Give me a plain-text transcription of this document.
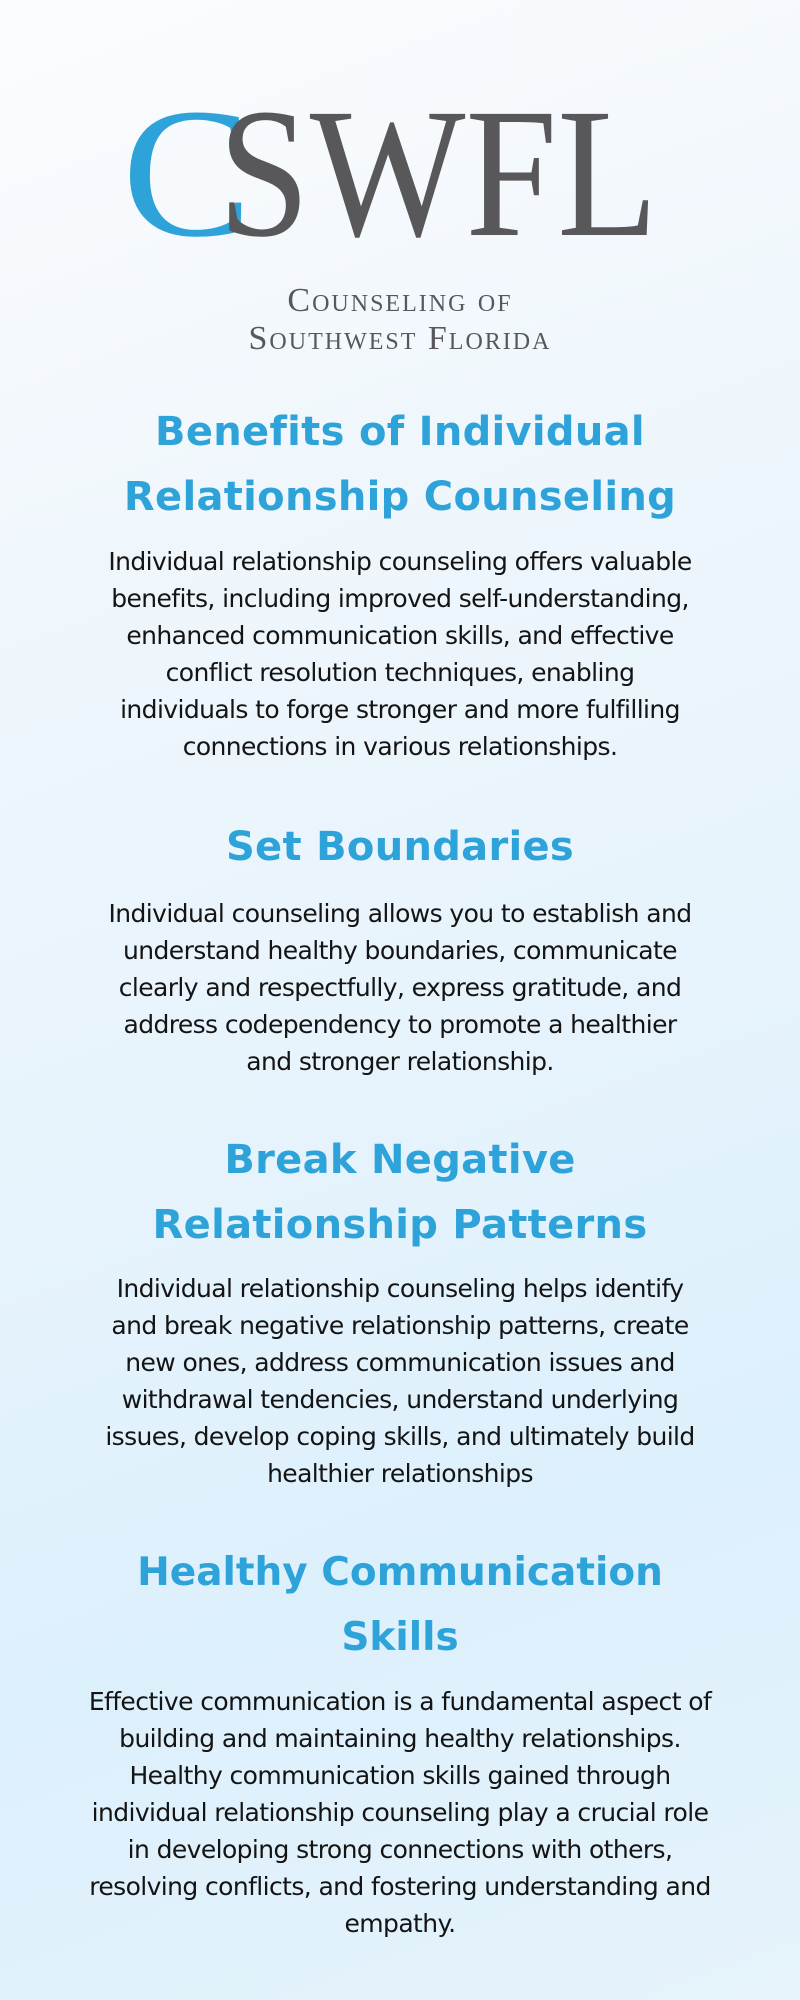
C
SWFL
Counseling of
Southwest Florida
Benefits of Individual
Relationship Counseling

Individual relationship counseling offers valuable benefits, including improved self-understanding, enhanced communication skills, and effective conflict resolution techniques, enabling individuals to forge stronger and more fulfilling connections in various relationships.

Set Boundaries

Individual counseling allows you to establish and understand healthy boundaries, communicate clearly and respectfully, express gratitude, and address codependency to promote a healthier and stronger relationship.

Break Negative
Relationship Patterns

Individual relationship counseling helps identify and break negative relationship patterns, create new ones, address communication issues and withdrawal tendencies, understand underlying issues, develop coping skills, and ultimately build healthier relationships

Healthy Communication Skills

Effective communication is a fundamental aspect of building and maintaining healthy relationships. Healthy communication skills gained through individual relationship counseling play a crucial role in developing strong connections with others, resolving conflicts, and fostering understanding and empathy.
